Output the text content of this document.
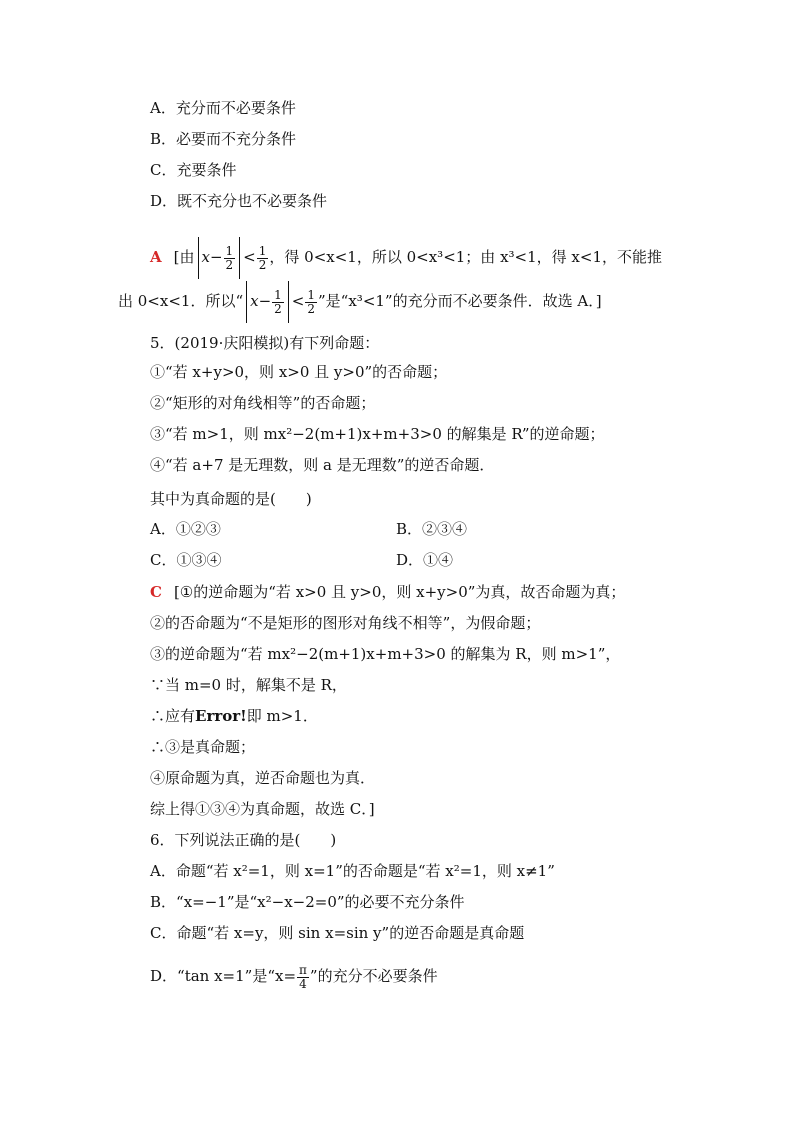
A．充分而不必要条件
B．必要而不充分条件
C．充要条件
D．既不充分也不必要条件
A [由 $x- \frac{1}{2} < \frac{1}{2}$ ，得 0<x<1，所以 0<x³<1；由 x³<1，得 x<1，不能推
出 0<x<1．所以“ $x- \frac{1}{2} < \frac{1}{2}$ ”是“x³<1”的充分而不必要条件．故选 A．]
5．(2019·庆阳模拟)有下列命题：
①“若 x+y>0，则 x>0 且 y>0”的否命题；
②“矩形的对角线相等”的否命题；
③“若 m>1，则 mx²−2(m+1)x+m+3>0 的解集是 R”的逆命题；
④“若 a+7 是无理数，则 a 是无理数”的逆否命题．
其中为真命题的是(　　)
A．①②③	B．②③④
C．①③④	D．①④
C [①的逆命题为“若 x>0 且 y>0，则 x+y>0”为真，故否命题为真；
②的否命题为“不是矩形的图形对角线不相等”，为假命题；
③的逆命题为“若 mx²−2(m+1)x+m+3>0 的解集为 R，则 m>1”，
∵当 m=0 时，解集不是 R，
∴应有Error!即 m>1．
∴③是真命题；
④原命题为真，逆否命题也为真．
综上得①③④为真命题，故选 C．]
6．下列说法正确的是(　　)
A．命题“若 x²=1，则 x=1”的否命题是“若 x²=1，则 x≠1”
B．“x=−1”是“x²−x−2=0”的必要不充分条件
C．命题“若 x=y，则 sin x=sin y”的逆否命题是真命题
D．“tan x=1”是“$x= \frac{\pi}{4}$ ”的充分不必要条件
